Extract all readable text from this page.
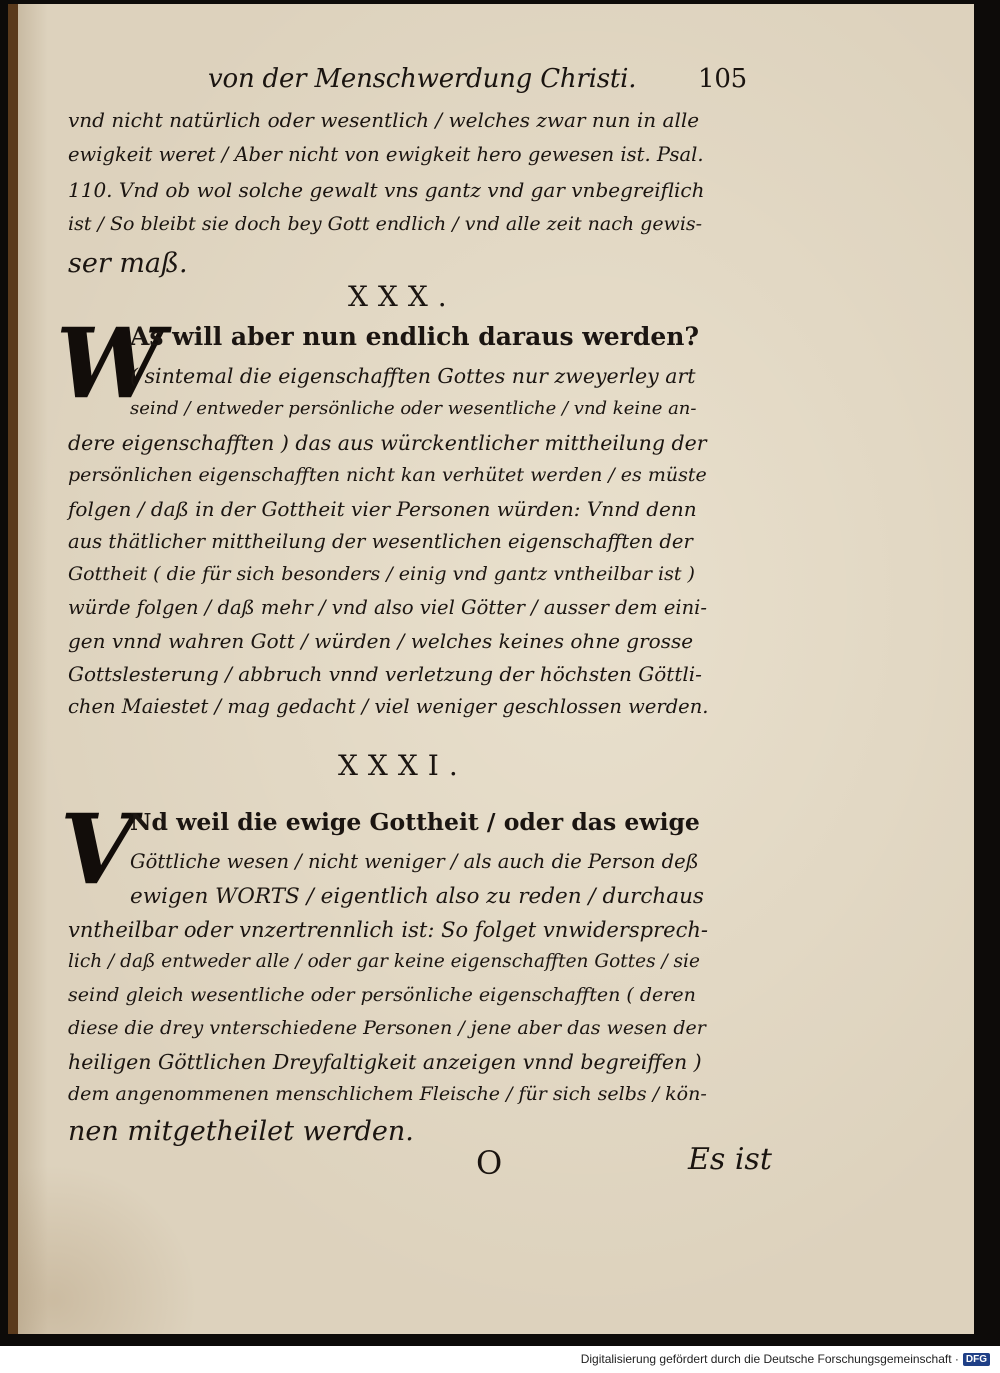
von der Menschwerdung Christi. 105
vnd nicht natürlich oder wesentlich / welches zwar nun in alle
ewigkeit weret / Aber nicht von ewigkeit hero gewesen ist. Psal.
110. Vnd ob wol solche gewalt vns gantz vnd gar vnbegreiflich
ist / So bleibt sie doch bey Gott endlich / vnd alle zeit nach gewis-
ser maß.
XXX.
W
As will aber nun endlich daraus werden?
( sintemal die eigenschafften Gottes nur zweyerley art
seind / entweder persönliche oder wesentliche / vnd keine an-
dere eigenschafften ) das aus würckentlicher mittheilung der
persönlichen eigenschafften nicht kan verhütet werden / es müste
folgen / daß in der Gottheit vier Personen würden: Vnnd denn
aus thätlicher mittheilung der wesentlichen eigenschafften der
Gottheit ( die für sich besonders / einig vnd gantz vntheilbar ist )
würde folgen / daß mehr / vnd also viel Götter / ausser dem eini-
gen vnnd wahren Gott / würden / welches keines ohne grosse
Gottslesterung / abbruch vnnd verletzung der höchsten Göttli-
chen Maiestet / mag gedacht / viel weniger geschlossen werden.
XXXI.
V
Nd weil die ewige Gottheit / oder das ewige
Göttliche wesen / nicht weniger / als auch die Person deß
ewigen WORTS / eigentlich also zu reden / durchaus
vntheilbar oder vnzertrennlich ist: So folget vnwidersprech-
lich / daß entweder alle / oder gar keine eigenschafften Gottes / sie
seind gleich wesentliche oder persönliche eigenschafften ( deren
diese die drey vnterschiedene Personen / jene aber das wesen der
heiligen Göttlichen Dreyfaltigkeit anzeigen vnnd begreiffen )
dem angenommenen menschlichem Fleische / für sich selbs / kön-
nen mitgetheilet werden.
O	Es ist
Digitalisierung gefördert durch die Deutsche Forschungsgemeinschaft · DFG
